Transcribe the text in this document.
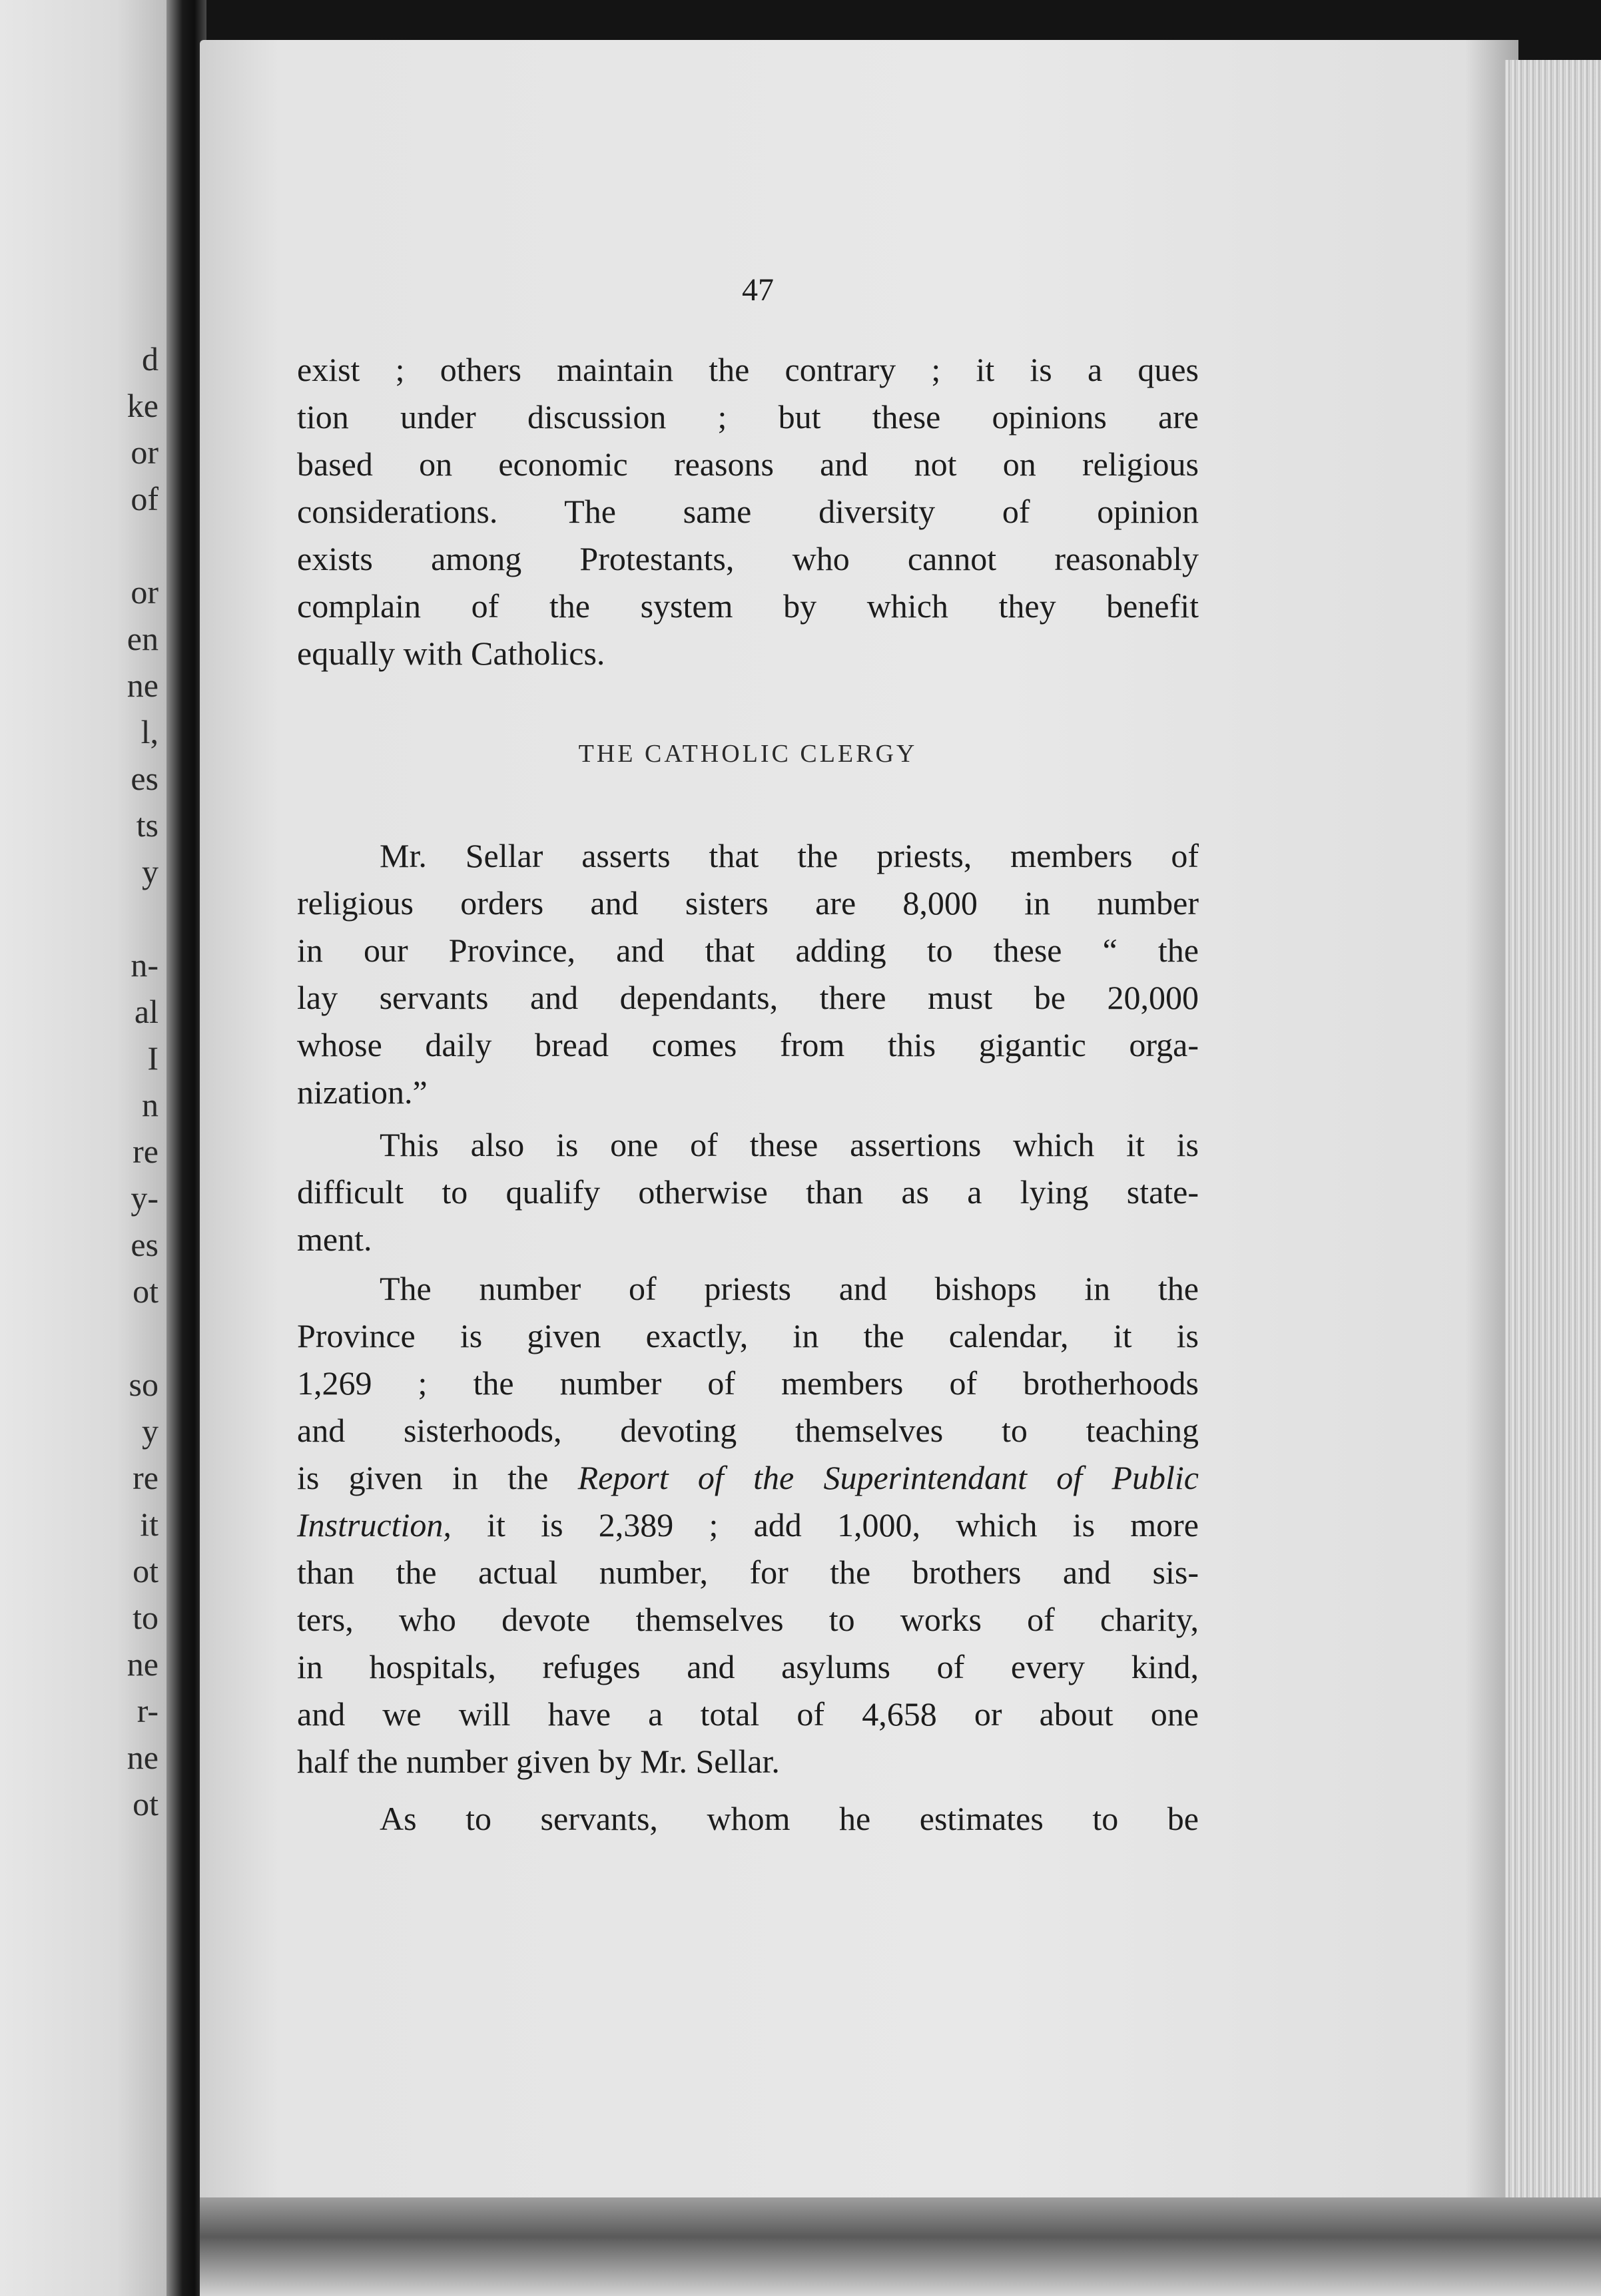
d
ke
or
of
or
en
ne
l,
es
ts
y
n-
al
I
n
re
y-
es
ot
so
y
re
it
ot
to
ne
r-
ne
ot
47
exist ; others maintain the contrary ; it is a ques
tion under discussion ; but these opinions are
based on economic reasons and not on religious
considerations. The same diversity of opinion
exists among Protestants, who cannot reasonably
complain of the system by which they benefit
equally with Catholics.
THE CATHOLIC CLERGY
Mr. Sellar asserts that the priests, members of
religious orders and sisters are 8,000 in number
in our Province, and that adding to these “ the
lay servants and dependants, there must be 20,000
whose daily bread comes from this gigantic orga-
nization.”
This also is one of these assertions which it is
difficult to qualify otherwise than as a lying state-
ment.
The number of priests and bishops in the
Province is given exactly, in the calendar, it is
1,269 ; the number of members of brotherhoods
and sisterhoods, devoting themselves to teaching
is given in the Report of the Superintendant of Public
Instruction, it is 2,389 ; add 1,000, which is more
than the actual number, for the brothers and sis-
ters, who devote themselves to works of charity,
in hospitals, refuges and asylums of every kind,
and we will have a total of 4,658 or about one
half the number given by Mr. Sellar.
As to servants, whom he estimates to be
